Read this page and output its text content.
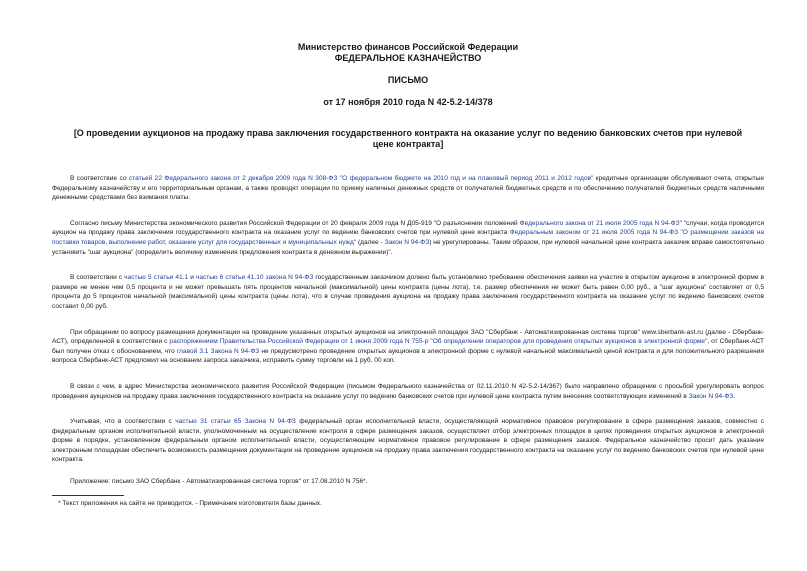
Министерство финансов Российской Федерации
ФЕДЕРАЛЬНОЕ КАЗНАЧЕЙСТВО
ПИСЬМО
от 17 ноября 2010 года N 42-5.2-14/378
[О проведении аукционов на продажу права заключения государственного контракта на оказание услуг по ведению банковских счетов при нулевой цене контракта]

В соответствие со статьей 22 Федерального закона от 2 декабря 2009 года N 308-ФЗ "О федеральном бюджете на 2010 год и на плановый период 2011 и 2012 годов" кредитные организации обслуживают счета, открытые Федеральному казначейству и его территориальным органам, а также проводят операции по приему наличных денежных средств от получателей бюджетных средств и по обеспечению получателей бюджетных средств наличными денежными средствами без взимания платы.

Согласно письму Министерства экономического развития Российской Федерации от 20 февраля 2009 года N Д05-919 "О разъяснении положений Федерального закона от 21 июля 2005 года N 94-ФЗ" "случаи, когда проводится аукцион на продажу права заключения государственного контракта на оказание услуг по ведению банковских счетов при нулевой цене контракта Федеральным законом от 21 июля 2005 года N 94-ФЗ "О размещении заказов на поставки товаров, выполнение работ, оказание услуг для государственных и муниципальных нужд" (далее - Закон N 94-ФЗ) не урегулированы. Таким образом, при нулевой начальной цене контракта заказчик вправе самостоятельно установить "шаг аукциона" (определить величину изменения предложения контракта в денежном выражении)".

В соответствии с частью 5 статьи 41.1 и частью 6 статьи 41.10 закона N 94-ФЗ государственным заказчиком должно быть установлено требование обеспечения заявки на участие в открытом аукционе в электронной форме в размере не менее чем 0,5 процента и не может превышать пять процентов начальной (максимальной) цены контракта (цены лота), т.е. размер обеспечения не может быть равен 0,00 руб., а "шаг аукциона" составляет от 0,5 процента до 5 процентов начальной (максимальной) цены контракта (цены лота), что в случае проведения аукциона на продажу права заключения государственного контракта на оказание услуг по ведению банковских счетов составит 0,00 руб.

При обращении по вопросу размещения документации на проведение указанных открытых аукционов на электронной площадке ЗАО "Сбербанк - Автоматизированная система торгов" www.sberbank-ast.ru (далее - Сбербанк-АСТ), определенной в соответствии с распоряжением Правительства Российской Федерации от 1 июня 2009 года N 755-р "Об определении операторов для проведения открытых аукционов в электронной форме", от Сбербанк-АСТ был получен отказ с обоснованием, что главой 3.1 Закона N 94-ФЗ не предусмотрено проведение открытых аукционов в электронной форме с нулевой начальной максимальной ценой контракта и для положительного разрешения вопроса Сбербанк-АСТ предложил на основании запроса заказчика, исправить сумму торговли на 1 руб. 00 коп.

В связи с чем, в адрес Министерства экономического развития Российской Федерации (письмом Федерального казначейства от 02.11.2010 N 42-5.2-14/367) было направлено обращение с просьбой урегулировать вопрос проведения аукционов на продажу права заключения государственного контракта на оказание услуг по ведению банковских счетов при нулевой цене контракта путем внесения соответствующих изменений в Закон N 94-ФЗ.

Учитывая, что в соответствии с частью 31 статьи 65 Закона N 94-ФЗ федеральный орган исполнительной власти, осуществляющий нормативное правовое регулирование в сфере размещения заказов, совместно с федеральным органом исполнительной власти, уполномоченным на осуществление контроля в сфере размещения заказов, осуществляет отбор электронных площадок в целях проведения открытых аукционов в электронной форме в порядке, установленном федеральным органом исполнительной власти, осуществляющим нормативное правовое регулирование в сфере размещения заказов. Федеральное казначейство просит дать указание электронным площадкам обеспечить возможность размещения документации на проведение аукционов на продажу права заключения государственного контракта на оказание услуг по ведению банковских счетов при нулевой цене контракта.

Приложение: письмо ЗАО Сбербанк - Автоматизированная система торгов" от 17.08.2010 N 756*.

* Текст приложения на сайте не приводится. - Примечание изготовителя базы данных.
